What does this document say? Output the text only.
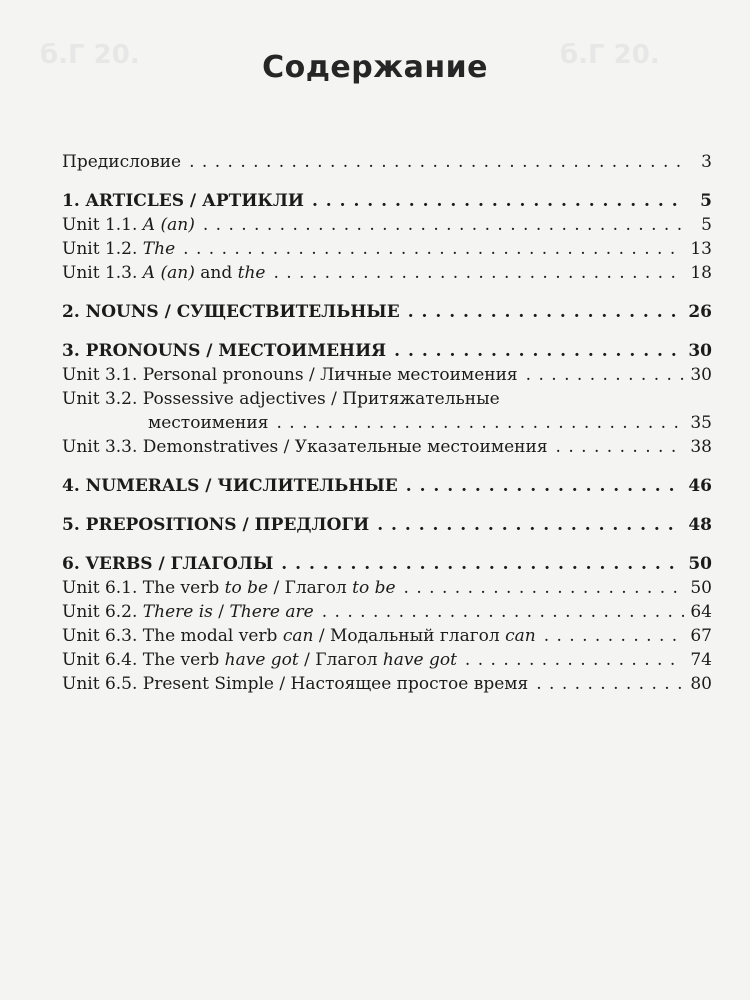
б.Г 20.
б.Г 20.	Содержание
Предисловие . . .	3
1. ARTICLES / АРТИКЛИ . . .	5
Unit 1.1. A (an) . . .	5
Unit 1.2. The . . .	13
Unit 1.3. A (an) and the . . .	18
2. NOUNS / СУЩЕСТВИТЕЛЬНЫЕ . . .	26
3. PRONOUNS / МЕСТОИМЕНИЯ . . .	30
Unit 3.1. Personal pronouns / Личные местоимения . . .	30
Unit 3.2. Possessive adjectives / Притяжательные
местоимения . . .	35
Unit 3.3. Demonstratives / Указательные местоимения . . .	38
4. NUMERALS / ЧИСЛИТЕЛЬНЫЕ . . .	46
5. PREPOSITIONS / ПРЕДЛОГИ . . .	48
6. VERBS / ГЛАГОЛЫ . . .	50
Unit 6.1. The verb to be / Глагол to be . . .	50
Unit 6.2. There is / There are . . .	64
Unit 6.3. The modal verb can / Модальный глагол can . . .	67
Unit 6.4. The verb have got / Глагол have got . . .	74
Unit 6.5. Present Simple / Настоящее простое время . . .	80
